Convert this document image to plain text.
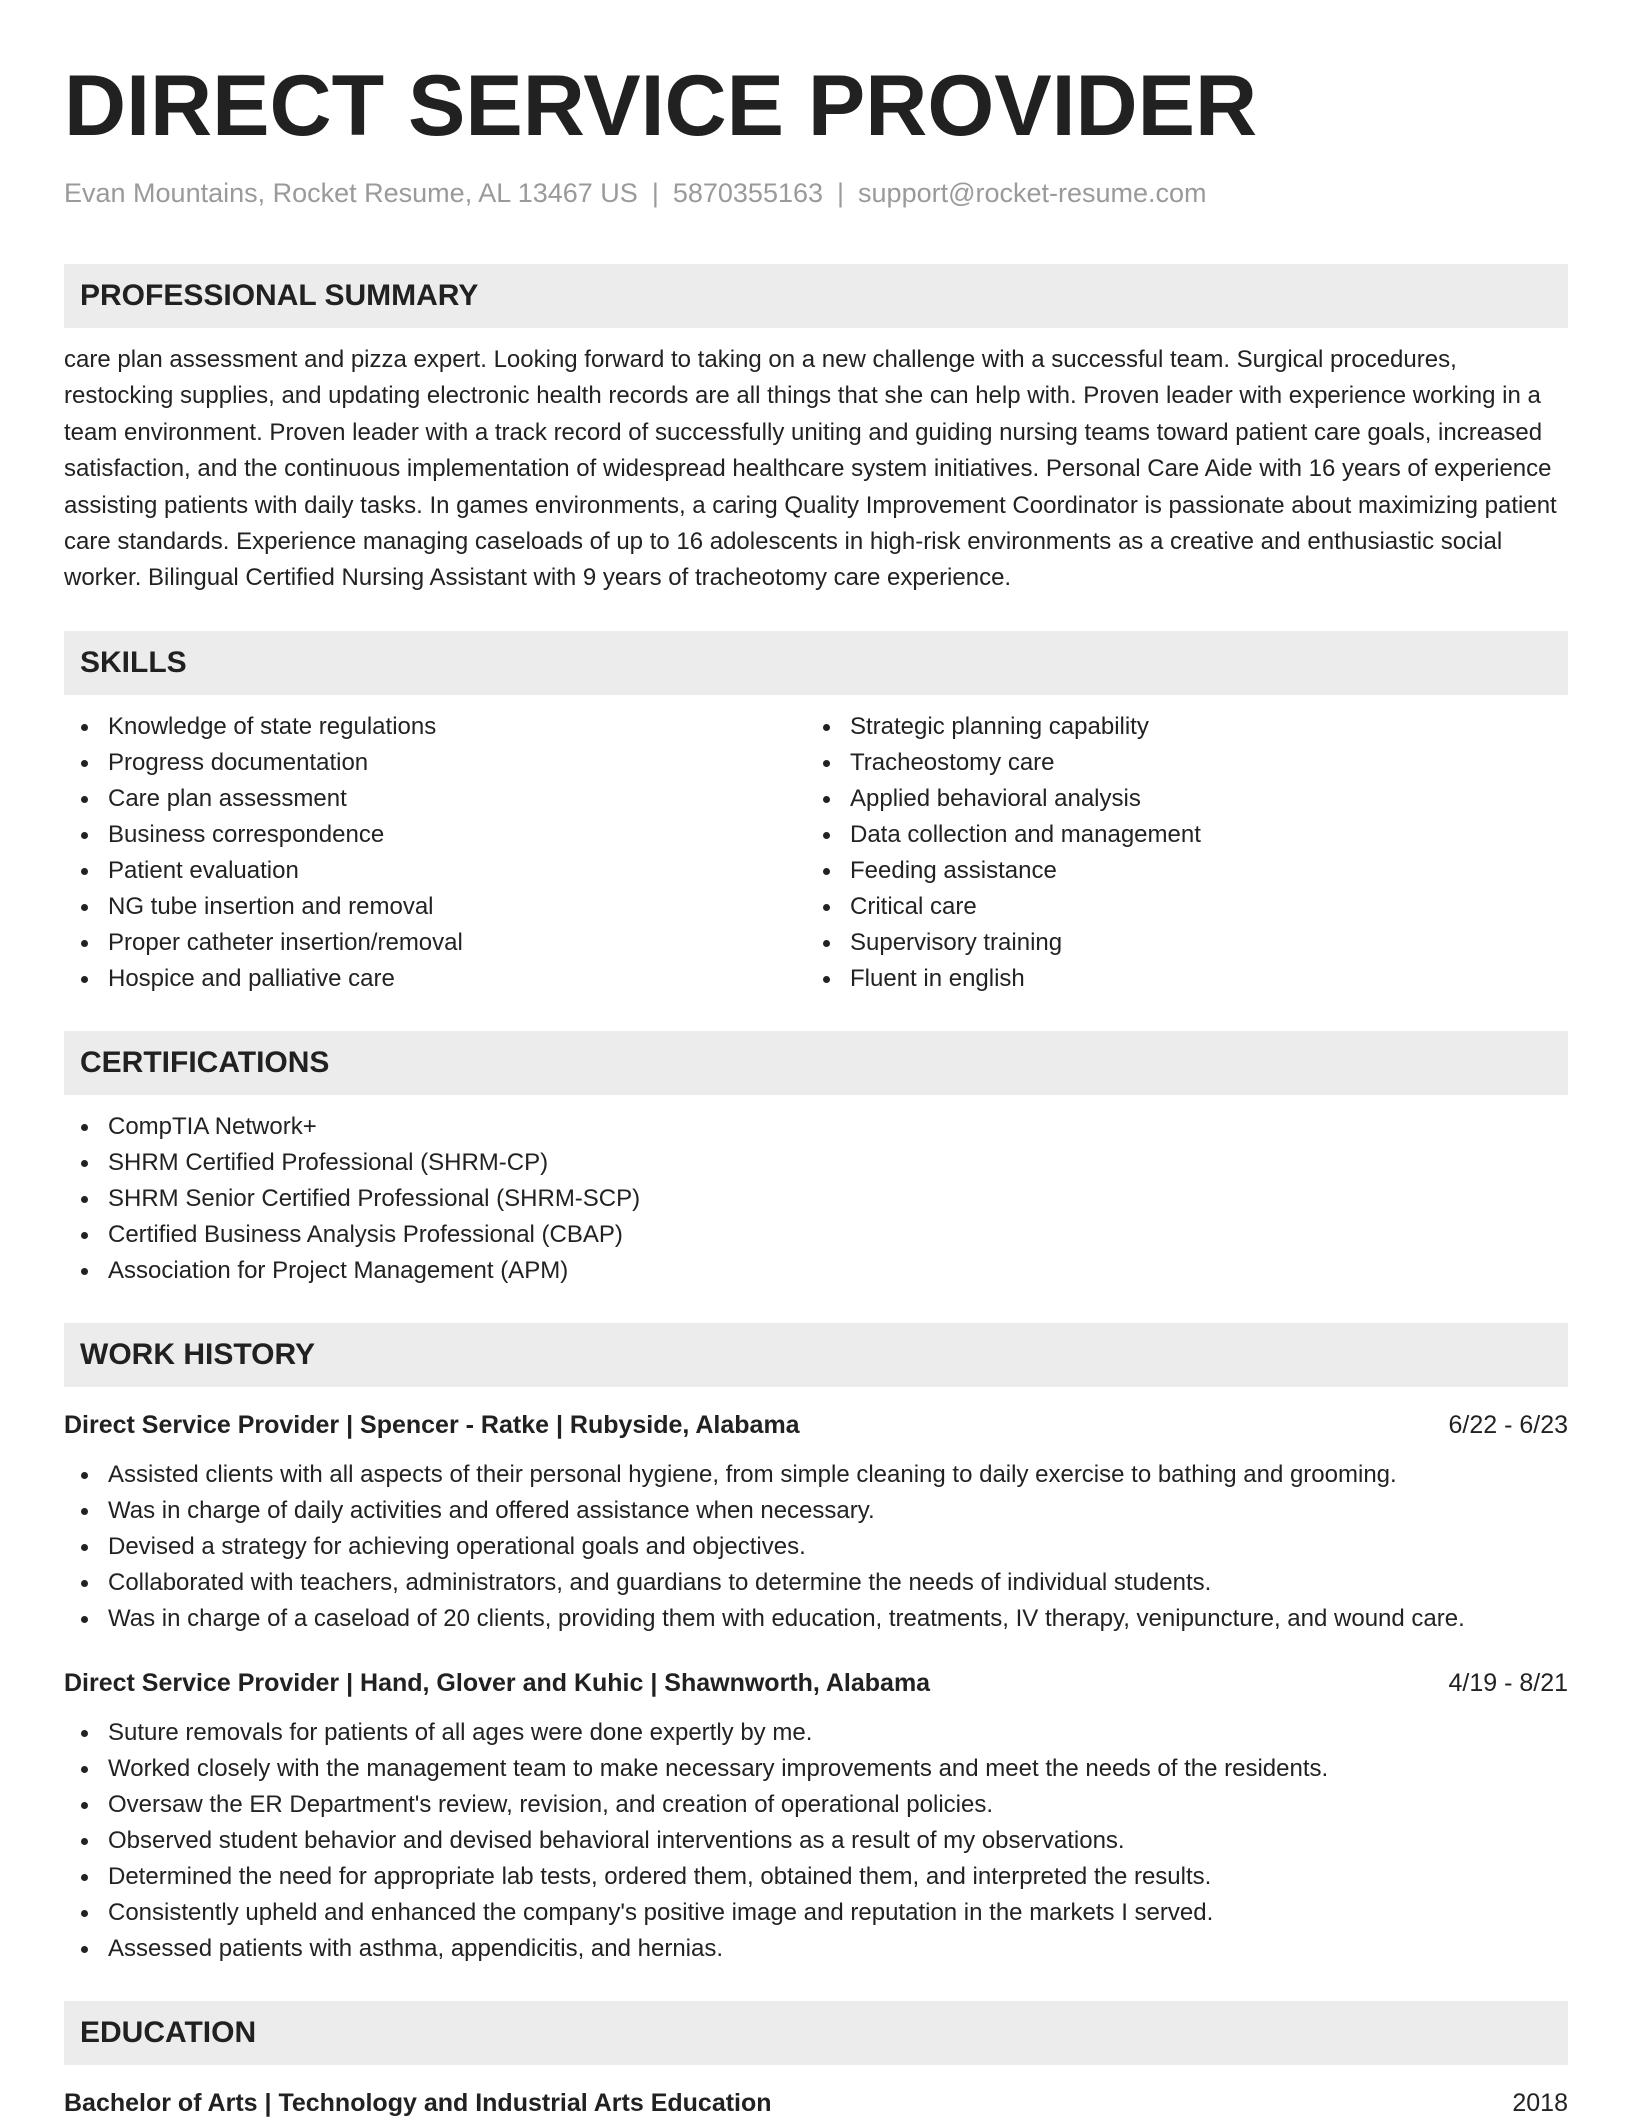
DIRECT SERVICE PROVIDER
Evan Mountains, Rocket Resume, AL 13467 US | 5870355163 | support@rocket-resume.com
PROFESSIONAL SUMMARY

care plan assessment and pizza expert. Looking forward to taking on a new challenge with a successful team. Surgical procedures, restocking supplies, and updating electronic health records are all things that she can help with. Proven leader with experience working in a team environment. Proven leader with a track record of successfully uniting and guiding nursing teams toward patient care goals, increased satisfaction, and the continuous implementation of widespread healthcare system initiatives. Personal Care Aide with 16 years of experience assisting patients with daily tasks. In games environments, a caring Quality Improvement Coordinator is passionate about maximizing patient care standards. Experience managing caseloads of up to 16 adolescents in high-risk environments as a creative and enthusiastic social worker. Bilingual Certified Nursing Assistant with 9 years of tracheotomy care experience.

SKILLS
Knowledge of state regulations
Progress documentation
Care plan assessment
Business correspondence
Patient evaluation
NG tube insertion and removal
Proper catheter insertion/removal
Hospice and palliative care
Strategic planning capability
Tracheostomy care
Applied behavioral analysis
Data collection and management
Feeding assistance
Critical care
Supervisory training
Fluent in english
CERTIFICATIONS
CompTIA Network+
SHRM Certified Professional (SHRM-CP)
SHRM Senior Certified Professional (SHRM-SCP)
Certified Business Analysis Professional (CBAP)
Association for Project Management (APM)
WORK HISTORY
Direct Service Provider | Spencer - Ratke | Rubyside, Alabama	6/22 - 6/23
Assisted clients with all aspects of their personal hygiene, from simple cleaning to daily exercise to bathing and grooming.
Was in charge of daily activities and offered assistance when necessary.
Devised a strategy for achieving operational goals and objectives.
Collaborated with teachers, administrators, and guardians to determine the needs of individual students.
Was in charge of a caseload of 20 clients, providing them with education, treatments, IV therapy, venipuncture, and wound care.
Direct Service Provider | Hand, Glover and Kuhic | Shawnworth, Alabama	4/19 - 8/21
Suture removals for patients of all ages were done expertly by me.
Worked closely with the management team to make necessary improvements and meet the needs of the residents.
Oversaw the ER Department's review, revision, and creation of operational policies.
Observed student behavior and devised behavioral interventions as a result of my observations.
Determined the need for appropriate lab tests, ordered them, obtained them, and interpreted the results.
Consistently upheld and enhanced the company's positive image and reputation in the markets I served.
Assessed patients with asthma, appendicitis, and hernias.
EDUCATION
Bachelor of Arts | Technology and Industrial Arts Education	2018
